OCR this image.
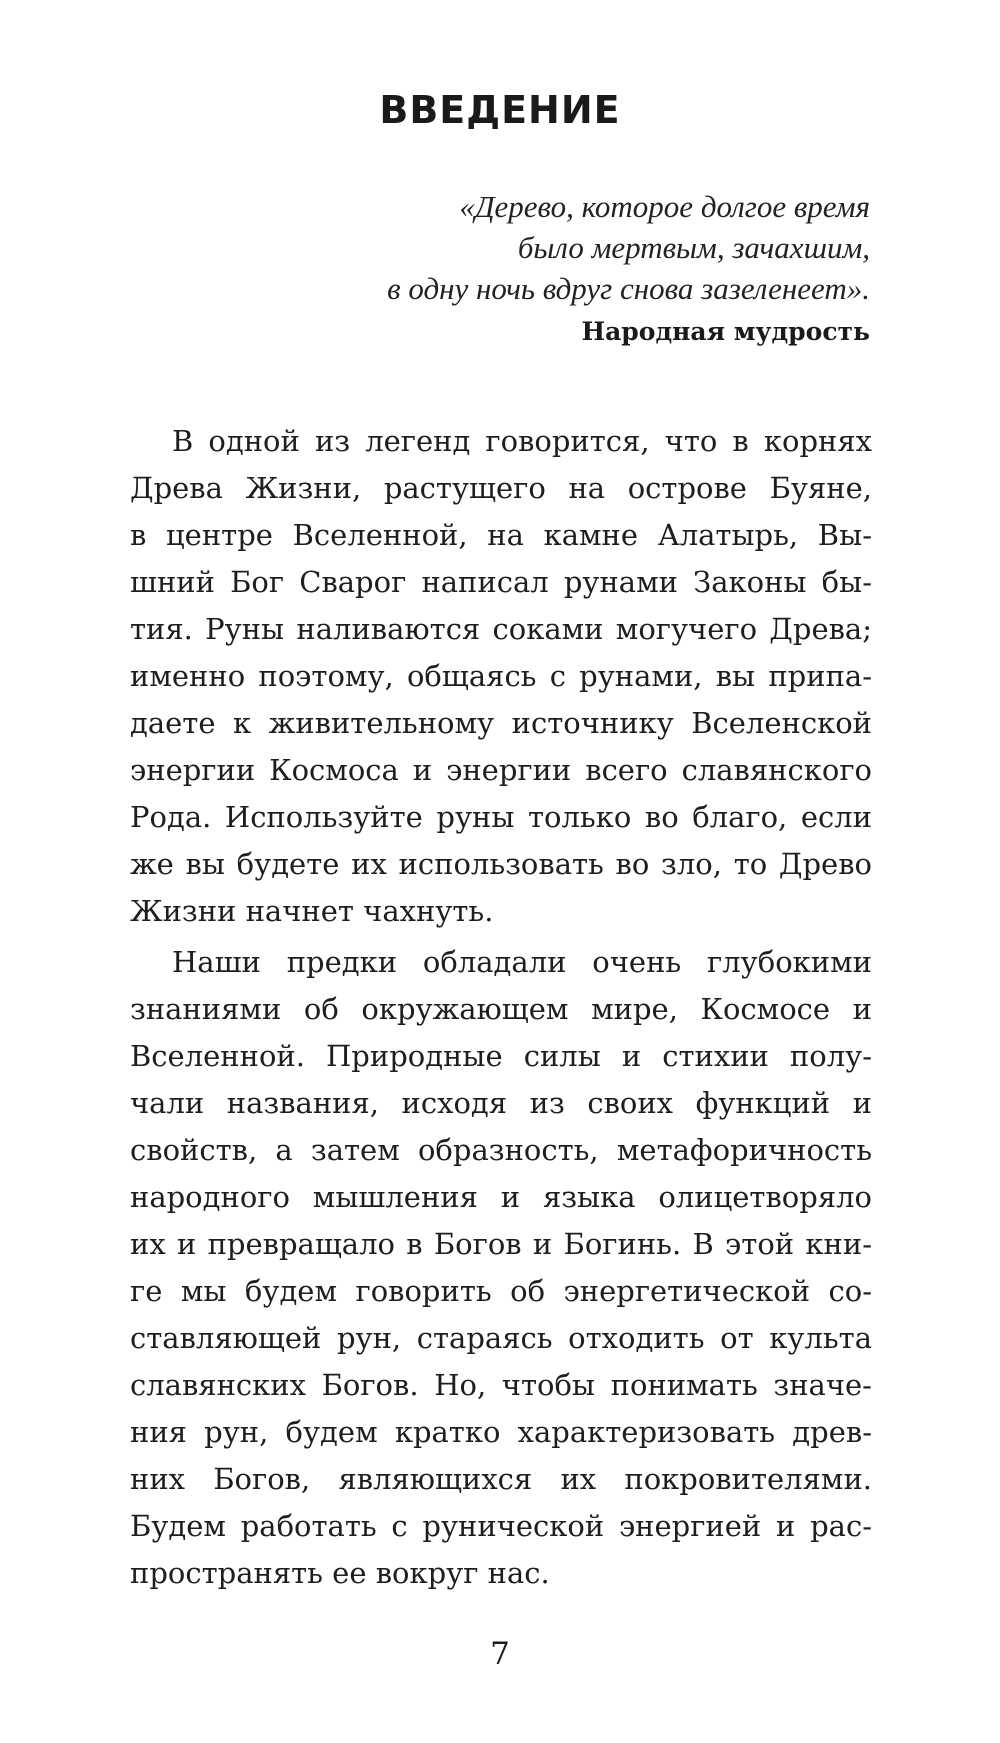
ВВЕДЕНИЕ
«Дерево, которое долгое время
было мертвым, зачахшим,
в одну ночь вдруг снова зазеленеет».
Народная мудрость
В одной из легенд говорится, что в корнях
Древа Жизни, растущего на острове Буяне,
в центре Вселенной, на камне Алатырь, Вы-
шний Бог Сварог написал рунами Законы бы-
тия. Руны наливаются соками могучего Древа;
именно поэтому, общаясь с рунами, вы припа-
даете к живительному источнику Вселенской
энергии Космоса и энергии всего славянского
Рода. Используйте руны только во благо, если
же вы будете их использовать во зло, то Древо
Жизни начнет чахнуть.
Наши предки обладали очень глубокими
знаниями об окружающем мире, Космосе и
Вселенной. Природные силы и стихии полу-
чали названия, исходя из своих функций и
свойств, а затем образность, метафоричность
народного мышления и языка олицетворяло
их и превращало в Богов и Богинь. В этой кни-
ге мы будем говорить об энергетической со-
ставляющей рун, стараясь отходить от культа
славянских Богов. Но, чтобы понимать значе-
ния рун, будем кратко характеризовать древ-
них Богов, являющихся их покровителями.
Будем работать с рунической энергией и рас-
пространять ее вокруг нас.
7
